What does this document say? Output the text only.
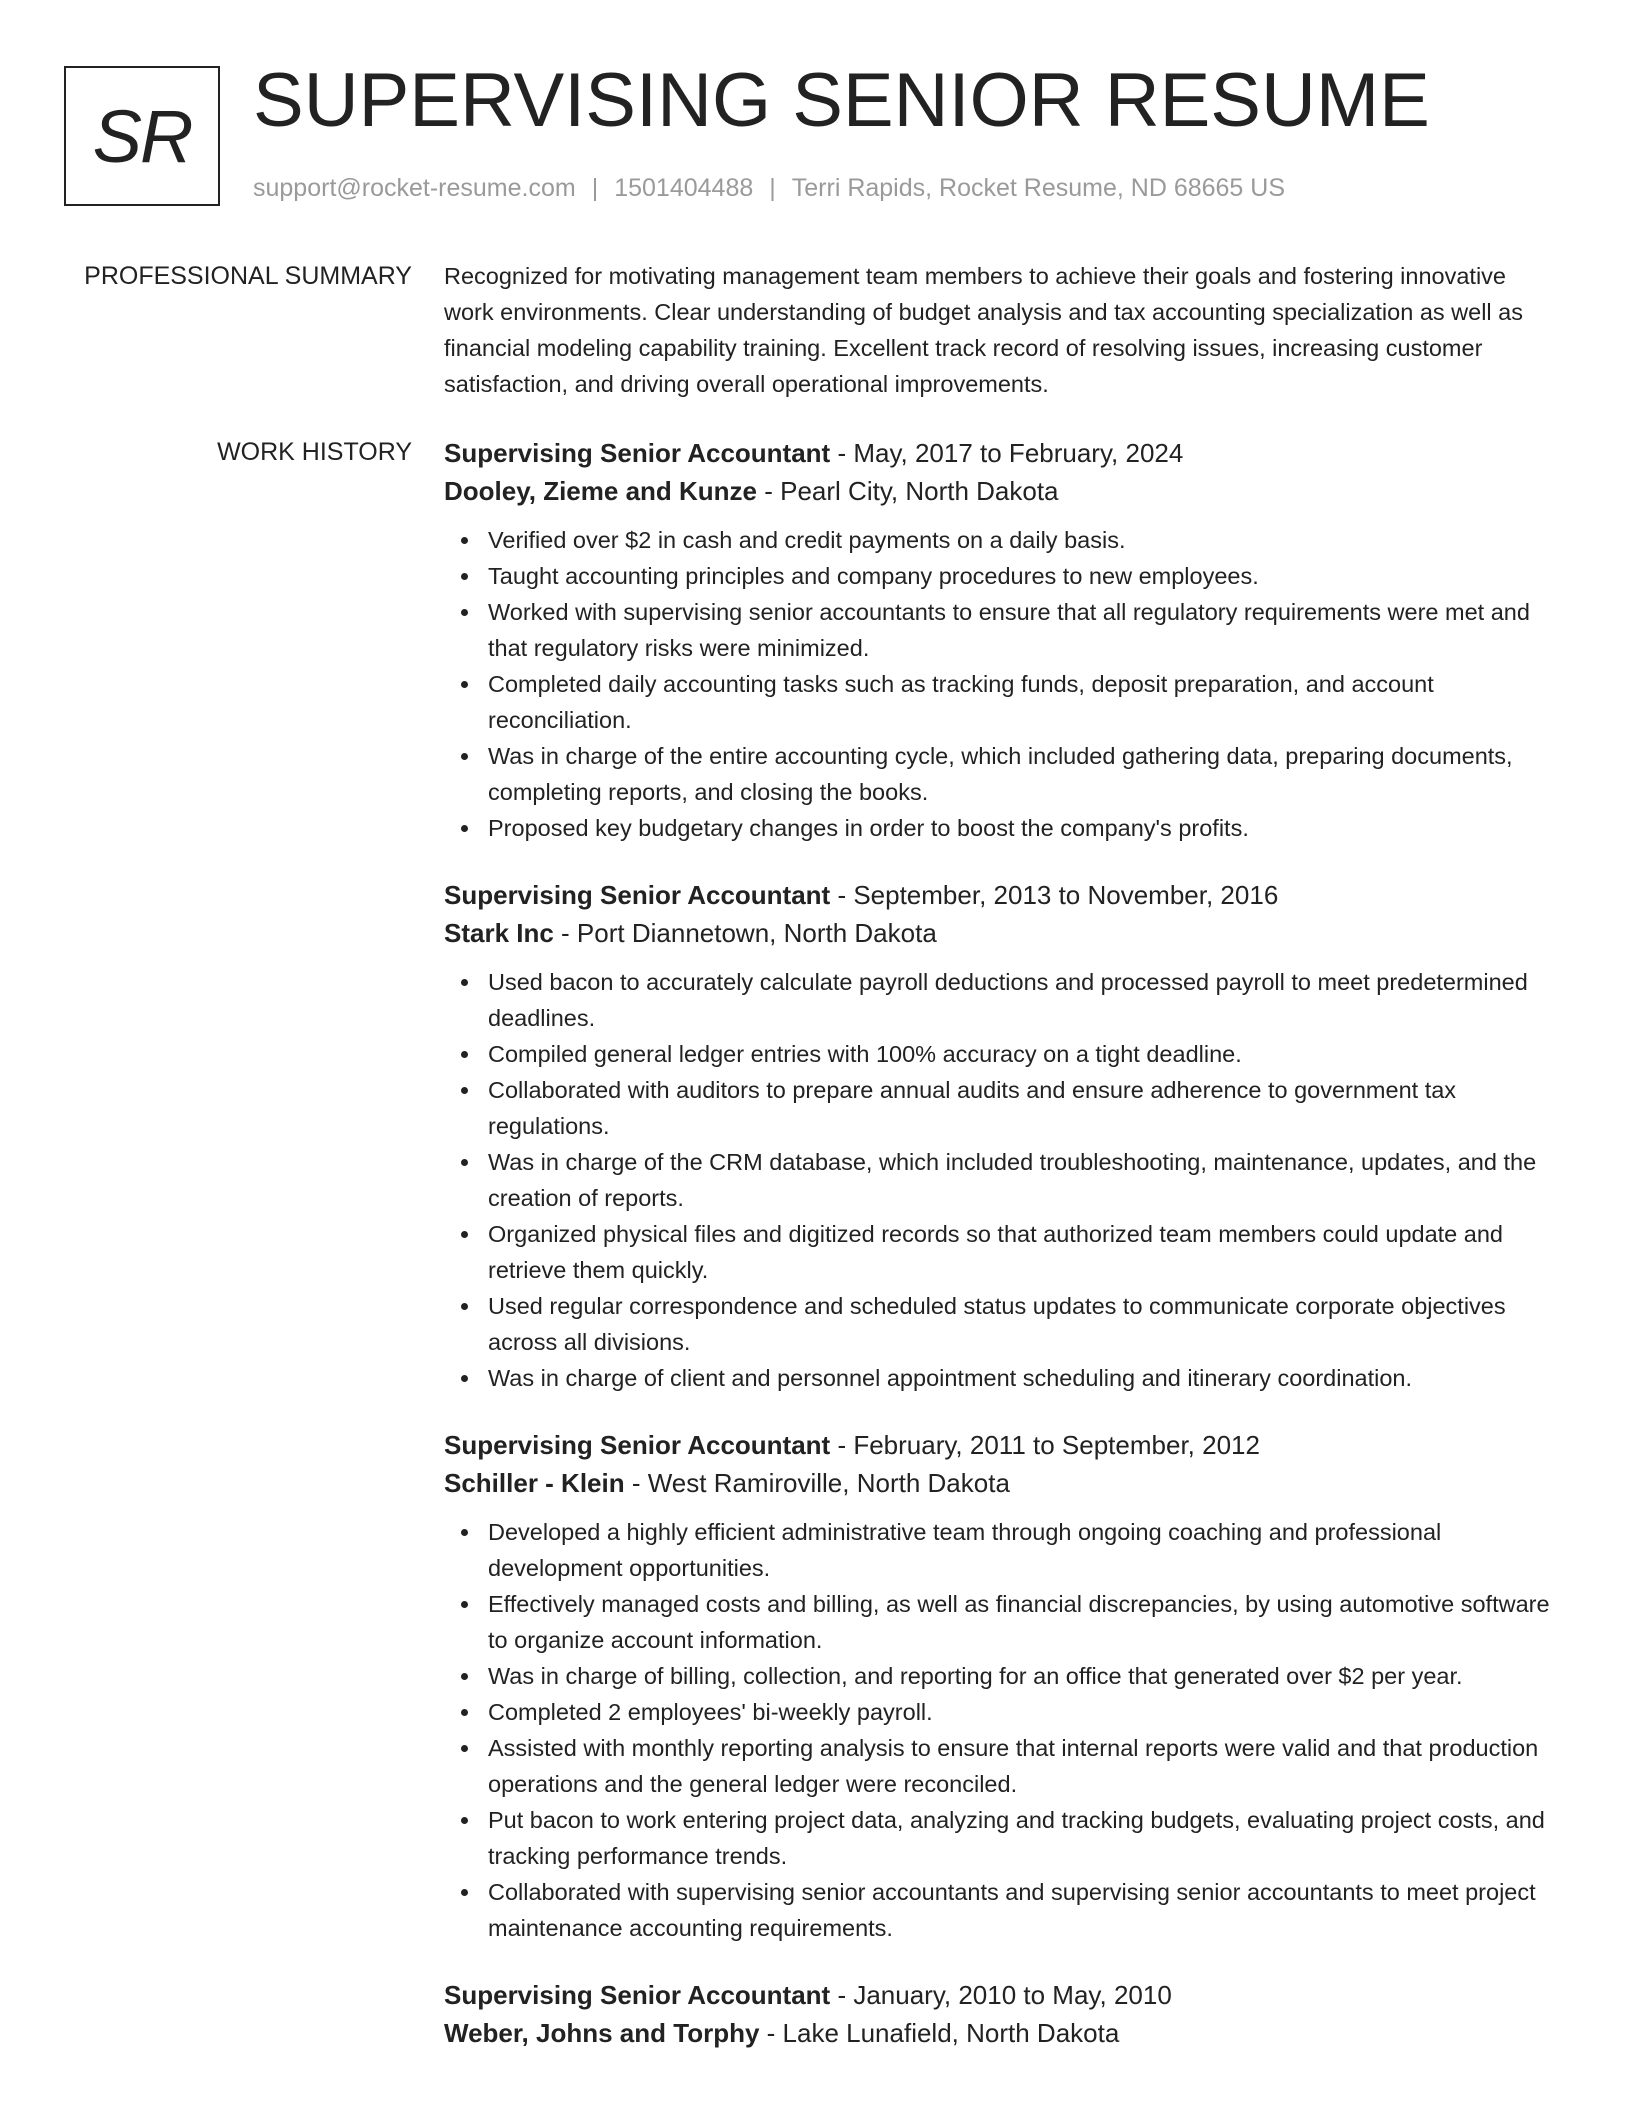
SR SUPERVISING SENIOR RESUME
support@rocket-resume.com | 1501404488 | Terri Rapids, Rocket Resume, ND 68665 US
PROFESSIONAL SUMMARY Recognized for motivating management team members to achieve their goals and fostering innovative work environments. Clear understanding of budget analysis and tax accounting specialization as well as financial modeling capability training. Excellent track record of resolving issues, increasing customer satisfaction, and driving overall operational improvements.

WORK HISTORY Supervising Senior Accountant - May, 2017 to February, 2024
Dooley, Zieme and Kunze - Pearl City, North Dakota
Verified over $2 in cash and credit payments on a daily basis.
Taught accounting principles and company procedures to new employees.
Worked with supervising senior accountants to ensure that all regulatory requirements were met and that regulatory risks were minimized.
Completed daily accounting tasks such as tracking funds, deposit preparation, and account reconciliation.
Was in charge of the entire accounting cycle, which included gathering data, preparing documents, completing reports, and closing the books.
Proposed key budgetary changes in order to boost the company's profits.
Supervising Senior Accountant - September, 2013 to November, 2016
Stark Inc - Port Diannetown, North Dakota
Used bacon to accurately calculate payroll deductions and processed payroll to meet predetermined deadlines.
Compiled general ledger entries with 100% accuracy on a tight deadline.
Collaborated with auditors to prepare annual audits and ensure adherence to government tax regulations.
Was in charge of the CRM database, which included troubleshooting, maintenance, updates, and the creation of reports.
Organized physical files and digitized records so that authorized team members could update and retrieve them quickly.
Used regular correspondence and scheduled status updates to communicate corporate objectives across all divisions.
Was in charge of client and personnel appointment scheduling and itinerary coordination.
Supervising Senior Accountant - February, 2011 to September, 2012
Schiller - Klein - West Ramiroville, North Dakota
Developed a highly efficient administrative team through ongoing coaching and professional development opportunities.
Effectively managed costs and billing, as well as financial discrepancies, by using automotive software to organize account information.
Was in charge of billing, collection, and reporting for an office that generated over $2 per year.
Completed 2 employees' bi-weekly payroll.
Assisted with monthly reporting analysis to ensure that internal reports were valid and that production operations and the general ledger were reconciled.
Put bacon to work entering project data, analyzing and tracking budgets, evaluating project costs, and tracking performance trends.
Collaborated with supervising senior accountants and supervising senior accountants to meet project maintenance accounting requirements.
Supervising Senior Accountant - January, 2010 to May, 2010
Weber, Johns and Torphy - Lake Lunafield, North Dakota
